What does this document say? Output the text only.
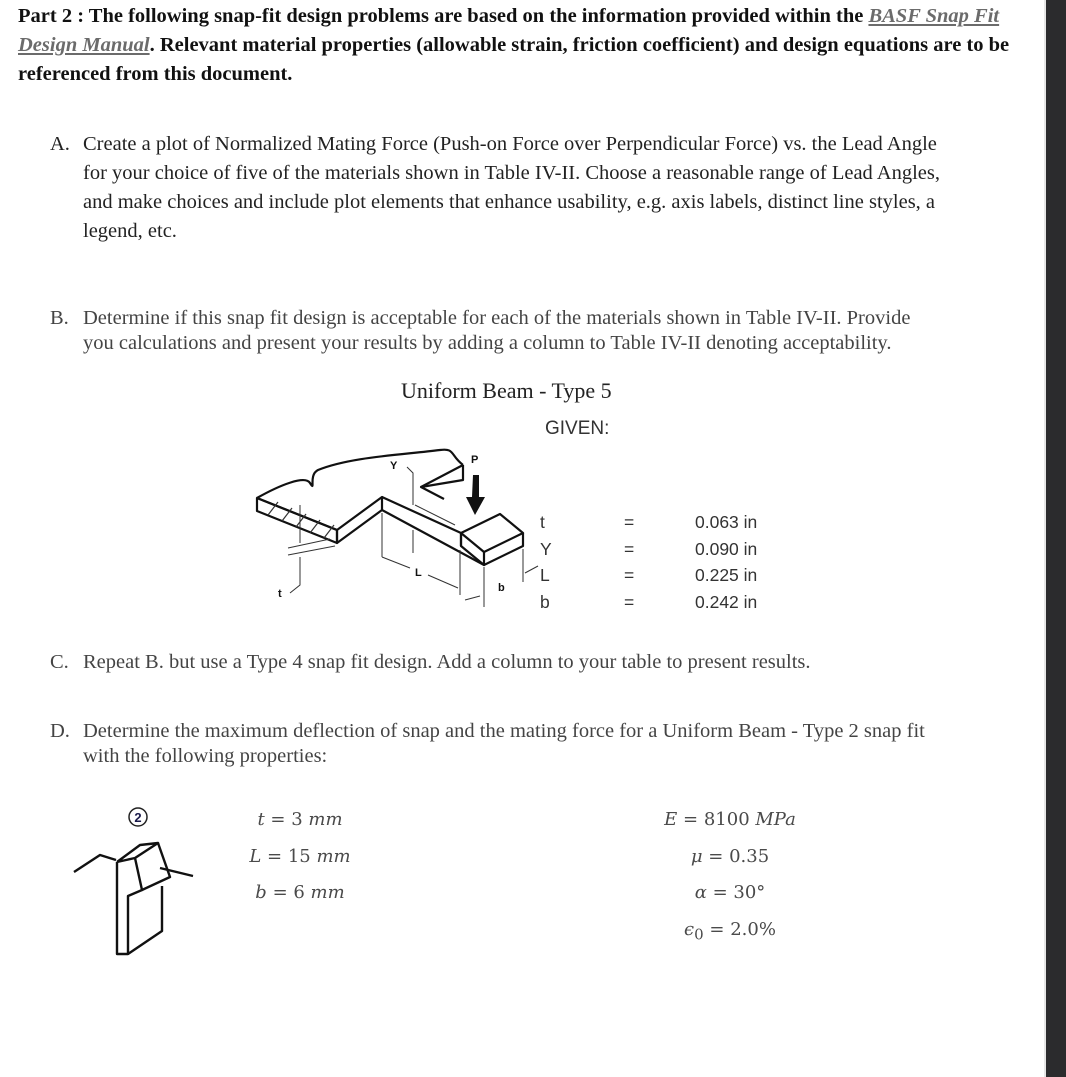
Part 2 : The following snap-fit design problems are based on the information provided within the BASF Snap Fit Design Manual. Relevant material properties (allowable strain, friction coefficient) and design equations are to be referenced from this document.
A. Create a plot of Normalized Mating Force (Push-on Force over Perpendicular Force) vs. the Lead Angle for your choice of five of the materials shown in Table IV-II. Choose a reasonable range of Lead Angles, and make choices and include plot elements that enhance usability, e.g. axis labels, distinct line styles, a legend, etc.
B. Determine if this snap fit design is acceptable for each of the materials shown in Table IV-II. Provide you calculations and present your results by adding a column to Table IV-II denoting acceptability.
Uniform Beam - Type 5
GIVEN:
P
Y
t
L
b
t	=	0.063 in
Y	=	0.090 in
L	=	0.225 in
b	=	0.242 in
C. Repeat B. but use a Type 4 snap fit design. Add a column to your table to present results.
D. Determine the maximum deflection of snap and the mating force for a Uniform Beam - Type 2 snap fit with the following properties:
2	t = 3 mm
L = 15 mm
b = 6 mm
E = 8100 MPa
μ = 0.35
α = 30°
$\epsilon_0 = 2.0\%$
